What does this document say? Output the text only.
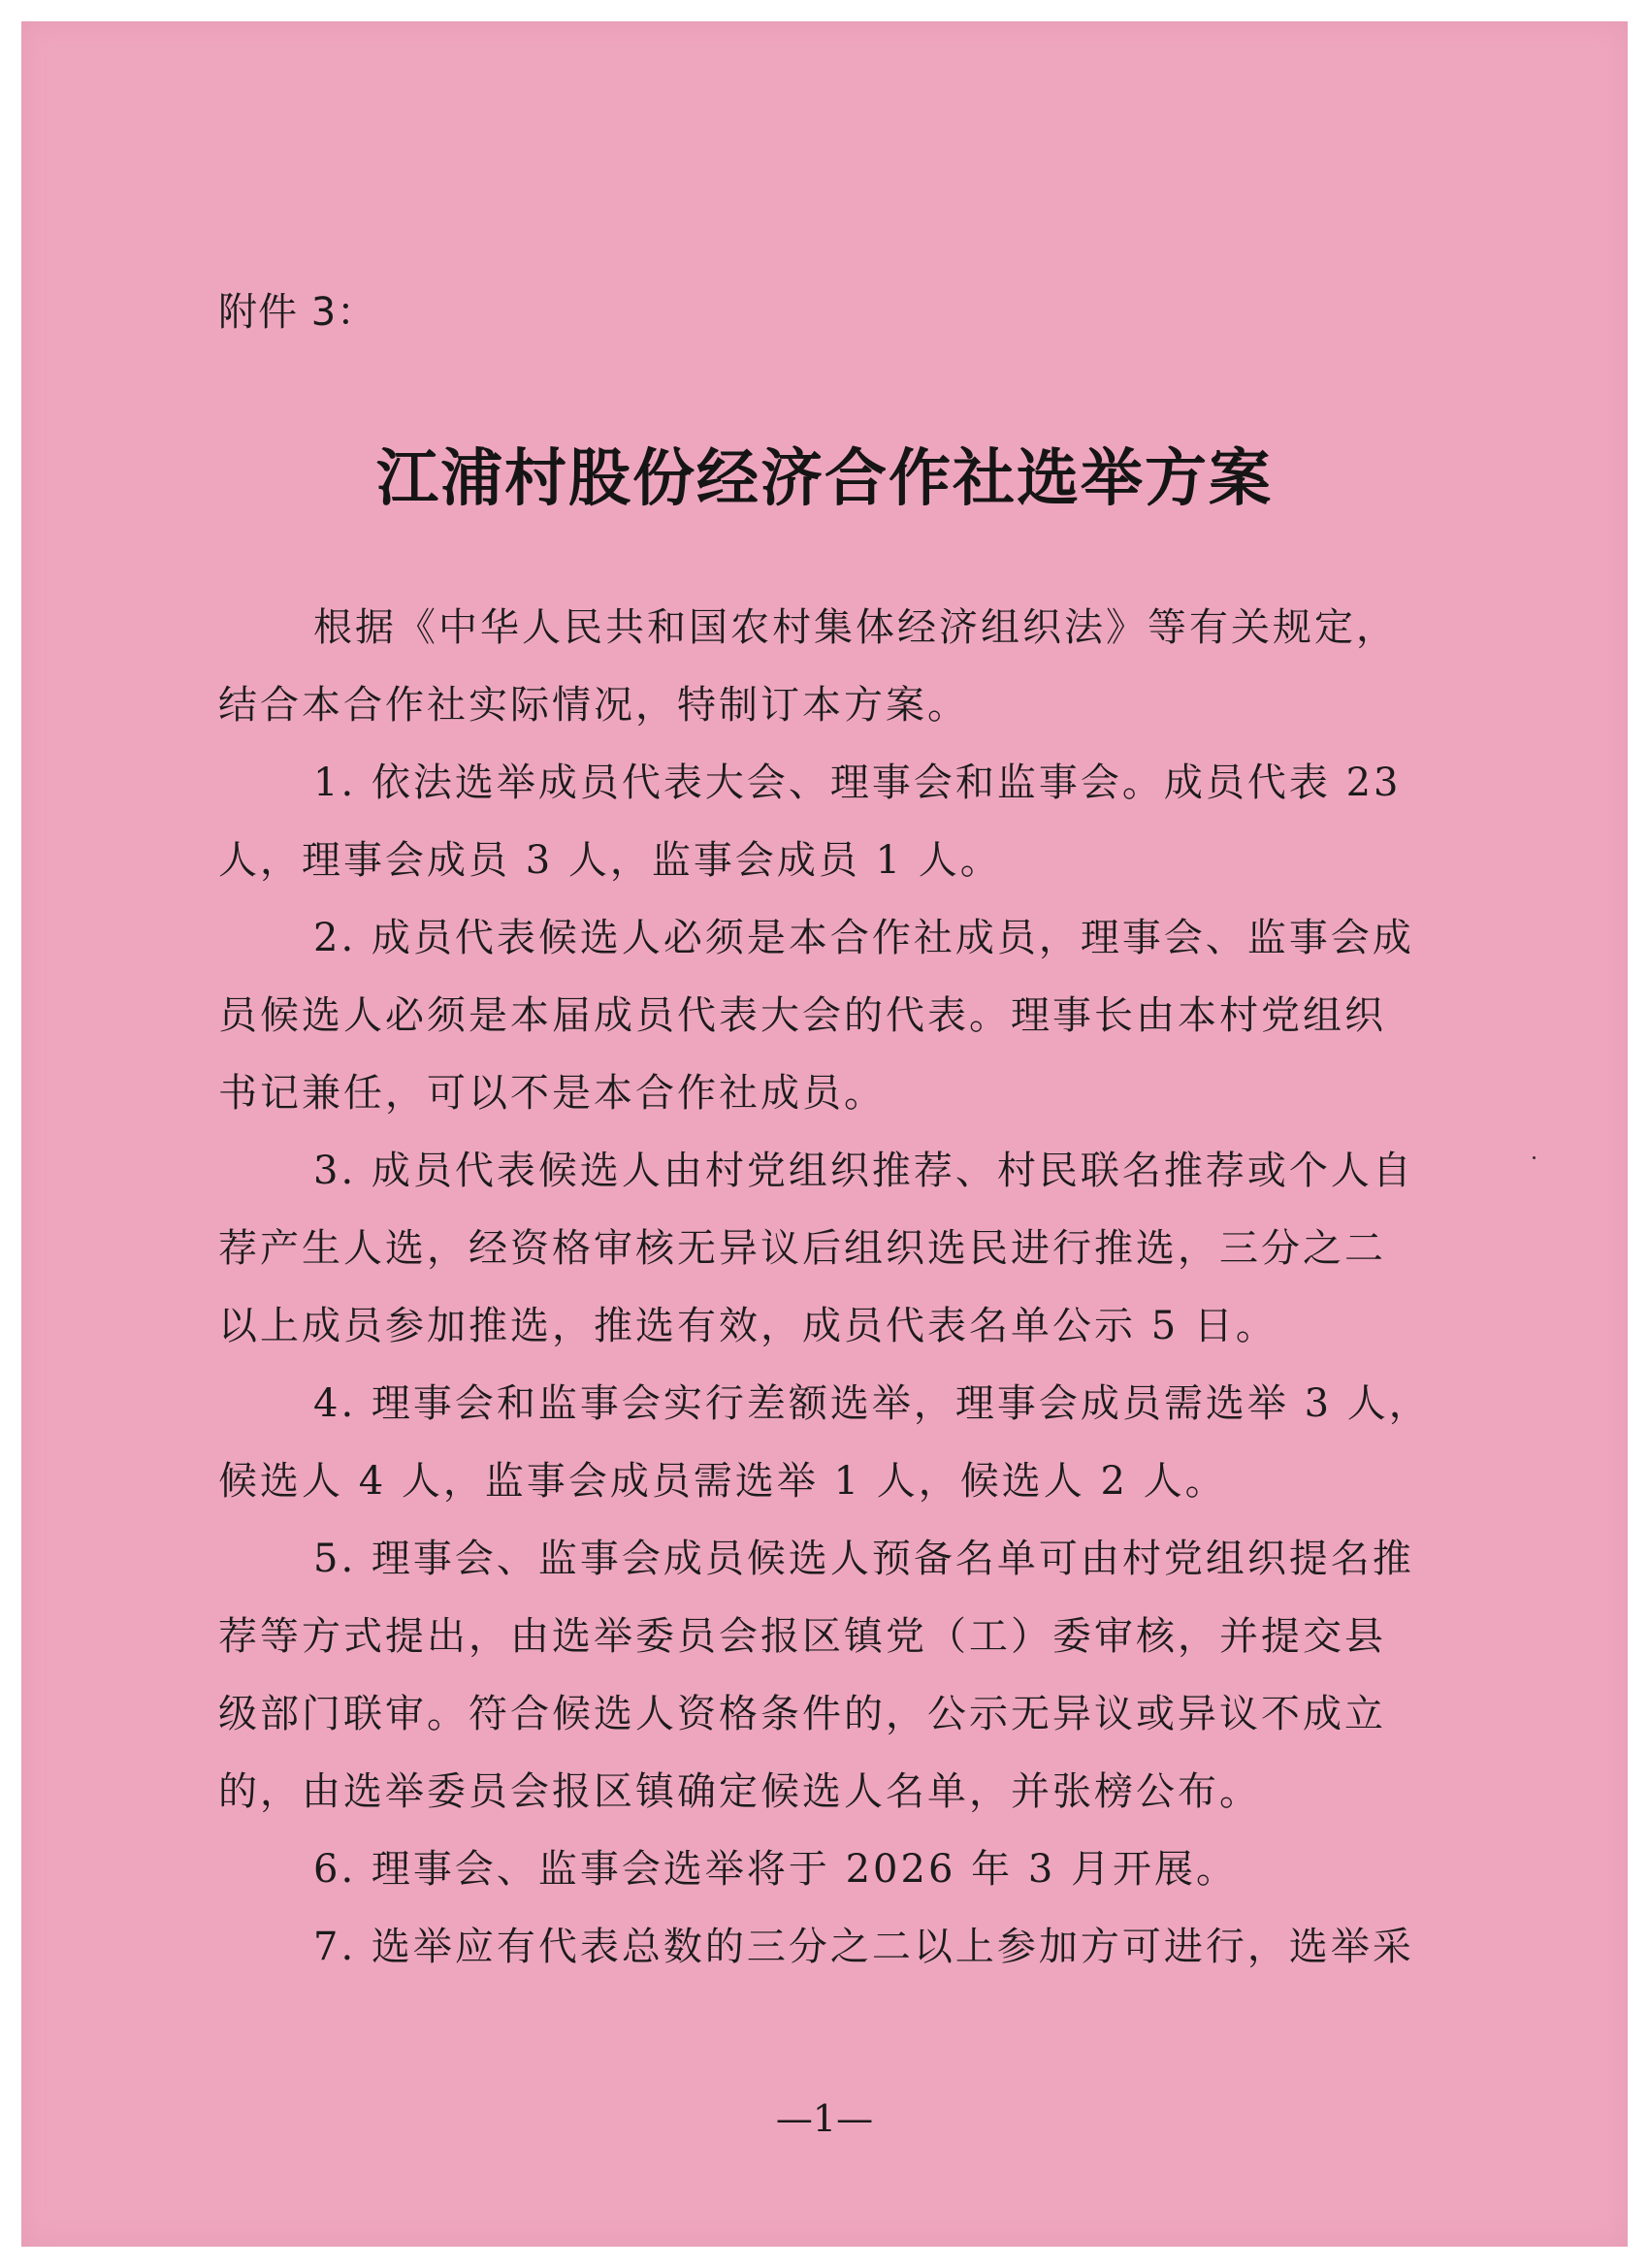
附件 3：
江浦村股份经济合作社选举方案
根据《中华人民共和国农村集体经济组织法》等有关规定，
结合本合作社实际情况，特制订本方案。
1. 依法选举成员代表大会、理事会和监事会。成员代表 23
人，理事会成员 3 人，监事会成员 1 人。
2. 成员代表候选人必须是本合作社成员，理事会、监事会成
员候选人必须是本届成员代表大会的代表。理事长由本村党组织
书记兼任，可以不是本合作社成员。
3. 成员代表候选人由村党组织推荐、村民联名推荐或个人自
荐产生人选，经资格审核无异议后组织选民进行推选，三分之二
以上成员参加推选，推选有效，成员代表名单公示 5 日。
4. 理事会和监事会实行差额选举，理事会成员需选举 3 人，
候选人 4 人，监事会成员需选举 1 人，候选人 2 人。
5. 理事会、监事会成员候选人预备名单可由村党组织提名推
荐等方式提出，由选举委员会报区镇党（工）委审核，并提交县
级部门联审。符合候选人资格条件的，公示无异议或异议不成立
的，由选举委员会报区镇确定候选人名单，并张榜公布。
6. 理事会、监事会选举将于 2026 年 3 月开展。
7. 选举应有代表总数的三分之二以上参加方可进行，选举采
—1—
